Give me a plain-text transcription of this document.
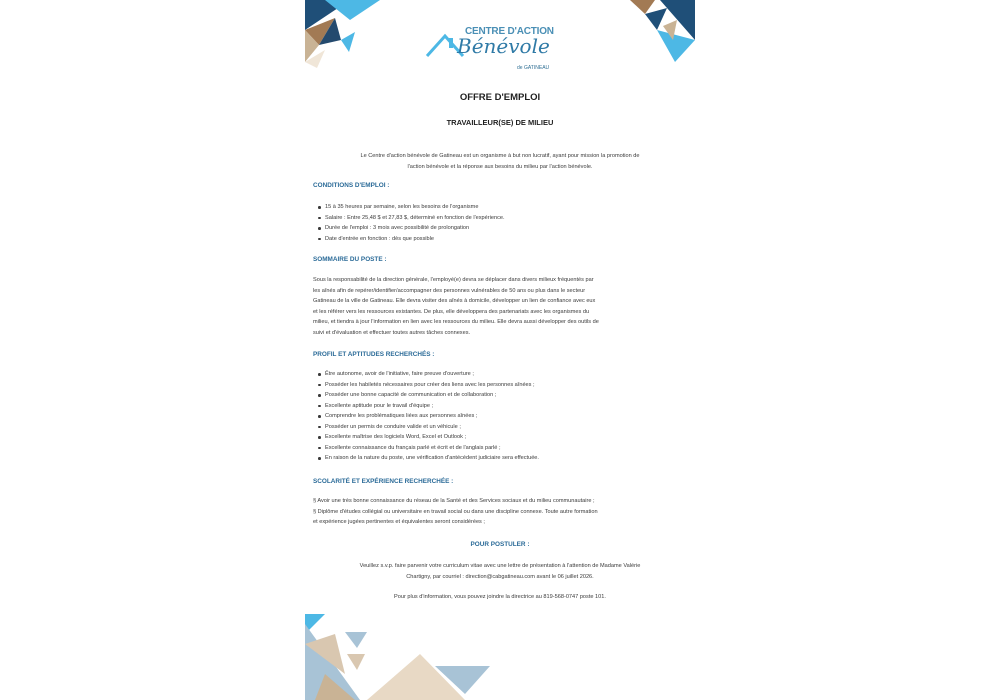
CENTRE D'ACTION
Bénévole
de GATINEAU
OFFRE D'EMPLOI
TRAVAILLEUR(SE) DE MILIEU
Le Centre d'action bénévole de Gatineau est un organisme à but non lucratif, ayant pour mission la promotion de
l'action bénévole et la réponse aux besoins du milieu par l'action bénévole.
CONDITIONS D'EMPLOI :
15 à 35 heures par semaine, selon les besoins de l'organisme
Salaire : Entre 25,48 $ et 27,83 $, déterminé en fonction de l'expérience.
Durée de l'emploi : 3 mois avec possibilité de prolongation
Date d'entrée en fonction : dès que possible
SOMMAIRE DU POSTE :
Sous la responsabilité de la direction générale, l'employé(e) devra se déplacer dans divers milieux fréquentés par
les aînés afin de repérer/identifier/accompagner des personnes vulnérables de 50 ans ou plus dans le secteur
Gatineau de la ville de Gatineau. Elle devra visiter des aînés à domicile, développer un lien de confiance avec eux
et les référer vers les ressources existantes. De plus, elle développera des partenariats avec les organismes du
milieu, et tiendra à jour l'information en lien avec les ressources du milieu. Elle devra aussi développer des outils de
suivi et d'évaluation et effectuer toutes autres tâches connexes.
PROFIL ET APTITUDES RECHERCHÉS :
Être autonome, avoir de l'initiative, faire preuve d'ouverture ;
Posséder les habiletés nécessaires pour créer des liens avec les personnes aînées ;
Posséder une bonne capacité de communication et de collaboration ;
Excellente aptitude pour le travail d'équipe ;
Comprendre les problématiques liées aux personnes aînées ;
Posséder un permis de conduire valide et un véhicule ;
Excellente maîtrise des logiciels Word, Excel et Outlook ;
Excellente connaissance du français parlé et écrit et de l'anglais parlé ;
En raison de la nature du poste, une vérification d'antécédent judiciaire sera effectuée.
SCOLARITÉ ET EXPÉRIENCE RECHERCHÉE :
§ Avoir une très bonne connaissance du réseau de la Santé et des Services sociaux et du milieu communautaire ;
§ Diplôme d'études collégial ou universitaire en travail social ou dans une discipline connexe. Toute autre formation
et expérience jugées pertinentes et équivalentes seront considérées ;
POUR POSTULER :
Veuillez s.v.p. faire parvenir votre curriculum vitae avec une lettre de présentation à l'attention de Madame Valérie
Chartigny, par courriel : direction@cabgatineau.com avant le 06 juillet 2026.
Pour plus d'information, vous pouvez joindre la directrice au 819-568-0747 poste 101.
